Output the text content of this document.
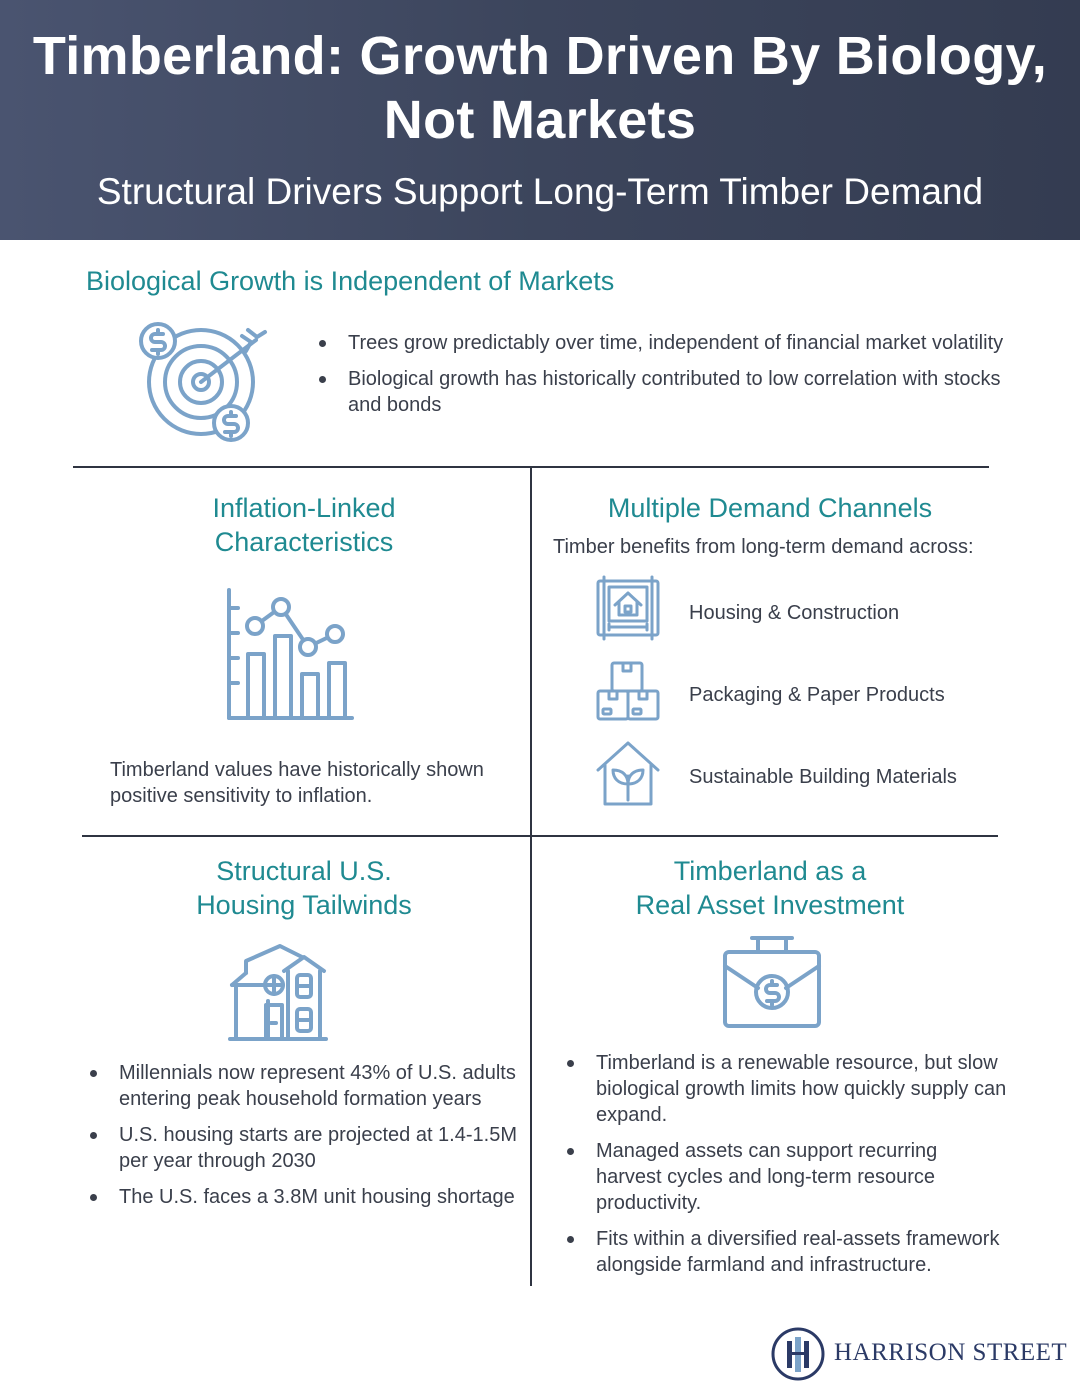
Timberland: Growth Driven By Biology, Not Markets
Structural Drivers Support Long-Term Timber Demand
Biological Growth is Independent of Markets
Trees grow predictably over time, independent of financial market volatility
Biological growth has historically contributed to low correlation with stocks and bonds
Inflation-Linked
Characteristics
Timberland values have historically shown positive sensitivity to inflation.
Multiple Demand Channels
Timber benefits from long-term demand across:
Housing & Construction
Packaging & Paper Products
Sustainable Building Materials
Structural U.S.
Housing Tailwinds
Millennials now represent 43% of U.S. adults entering peak household formation years
U.S. housing starts are projected at 1.4-1.5M per year through 2030
The U.S. faces a 3.8M unit housing shortage
Timberland as a
Real Asset Investment
Timberland is a renewable resource, but slow biological growth limits how quickly supply can expand.
Managed assets can support recurring harvest cycles and long-term resource productivity.
Fits within a diversified real-assets framework alongside farmland and infrastructure.
HARRISON STREET
